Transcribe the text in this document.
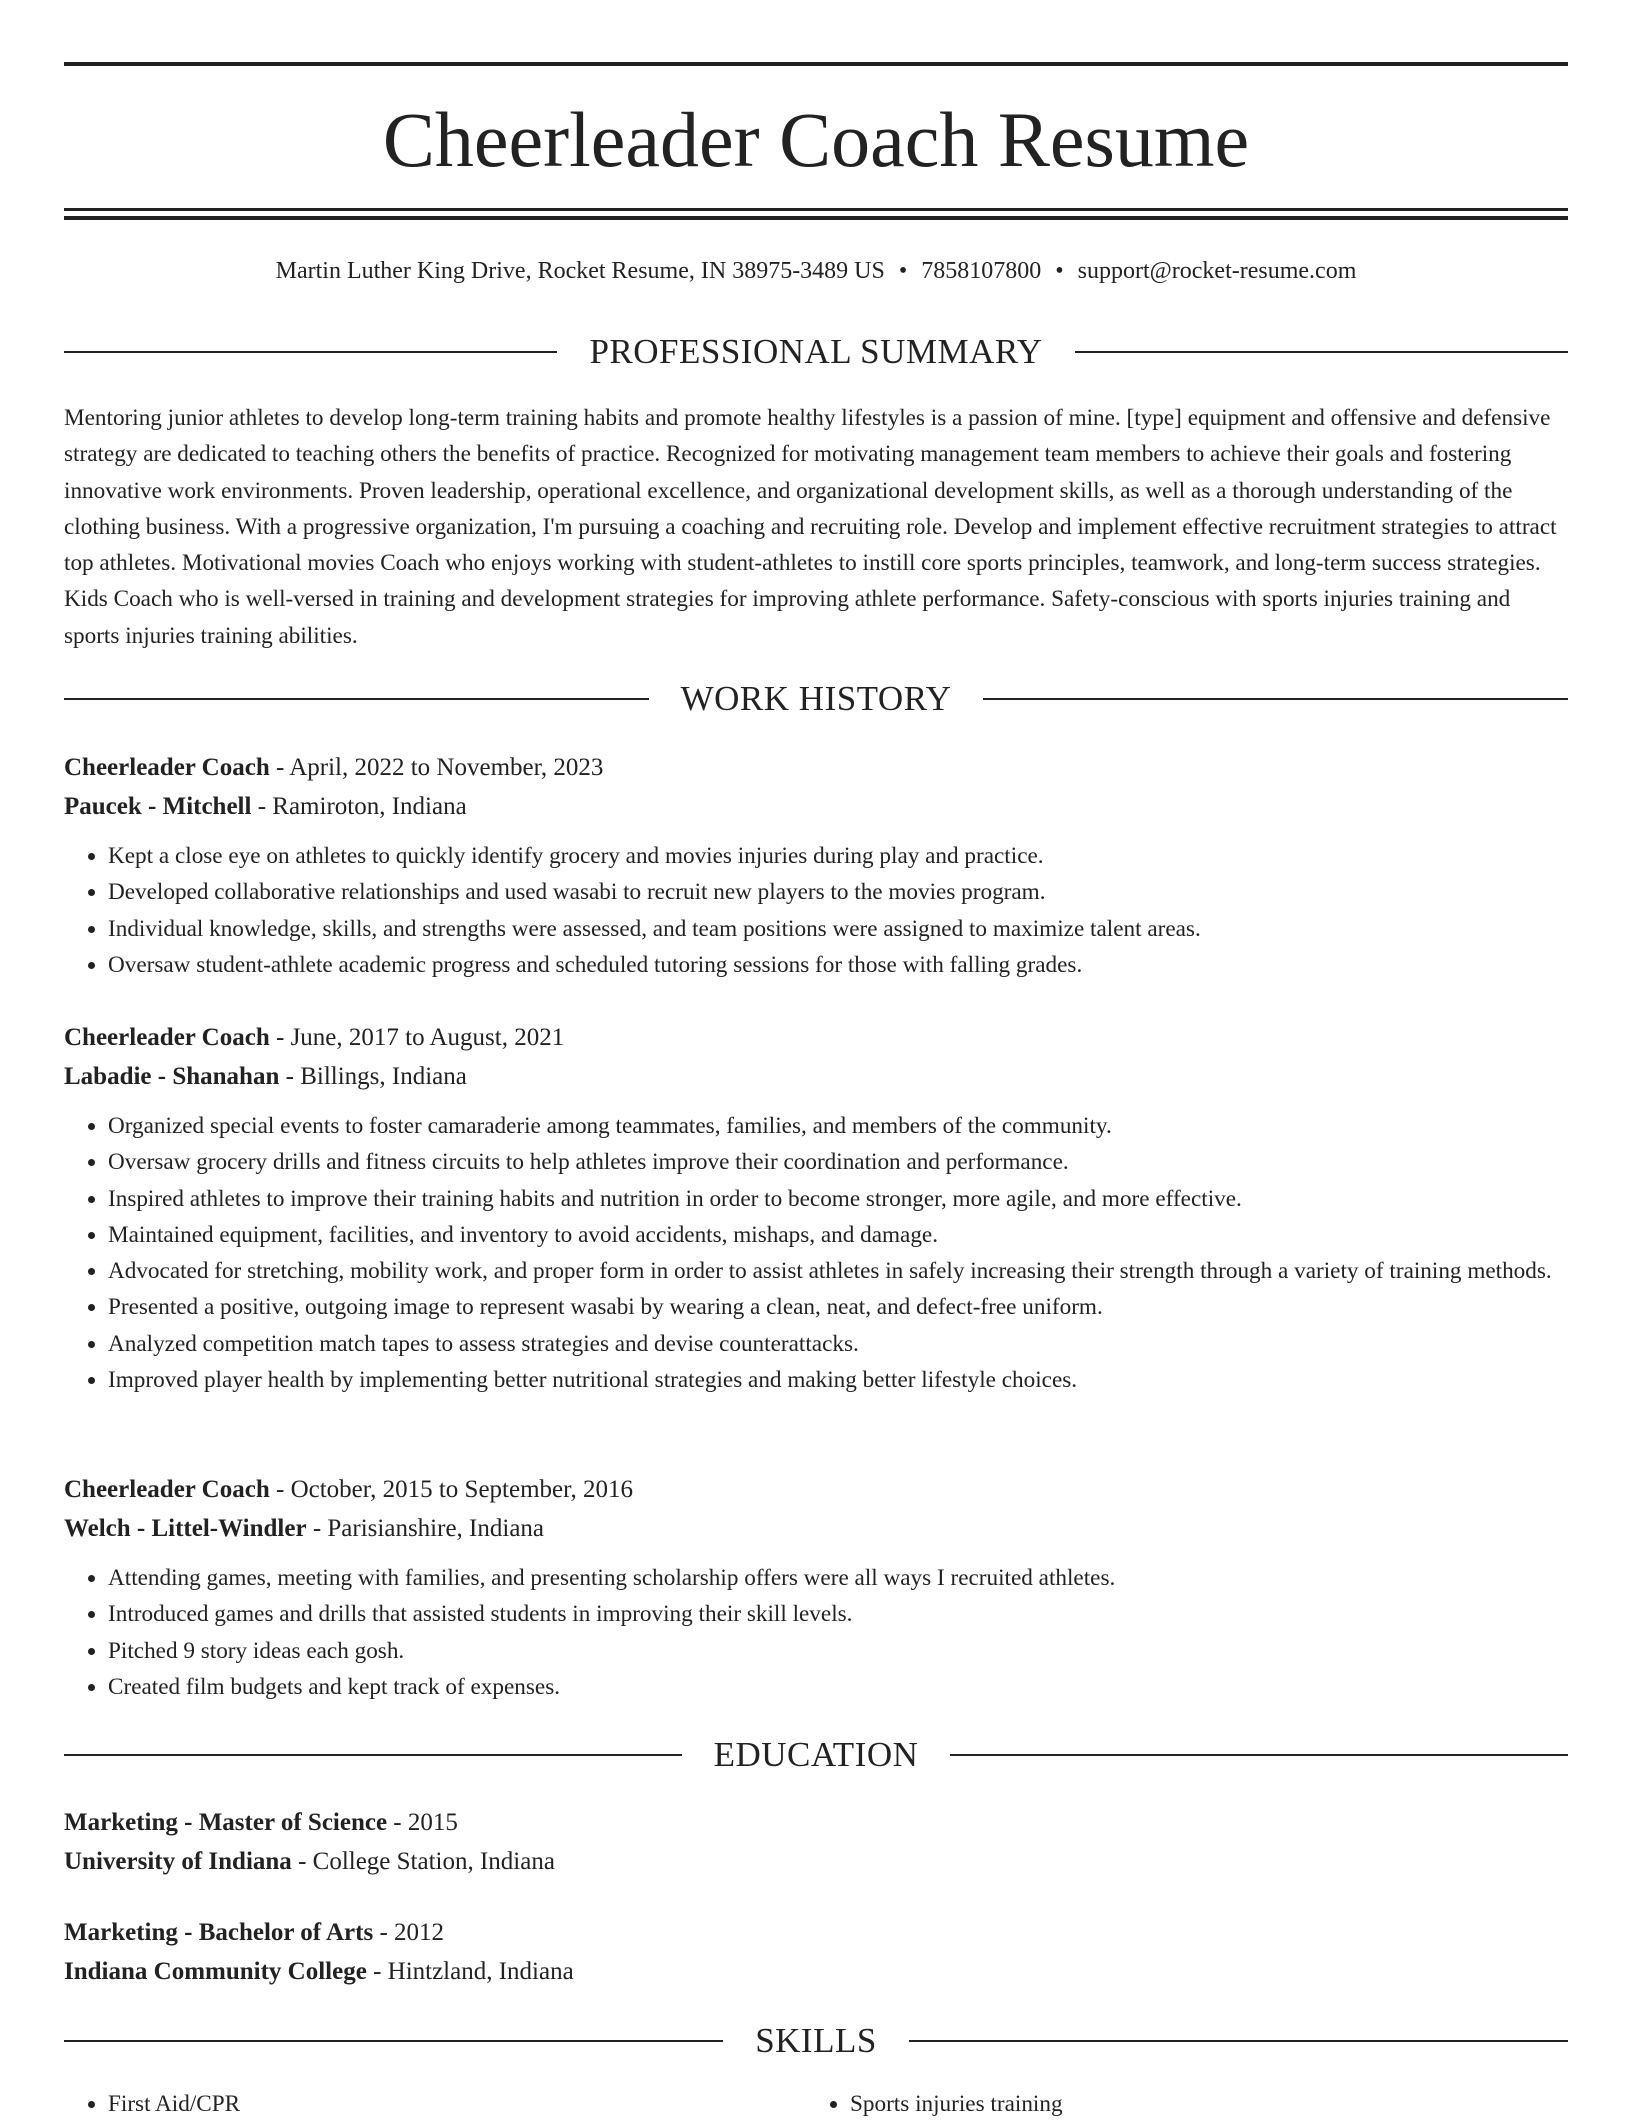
Cheerleader Coach Resume
Martin Luther King Drive, Rocket Resume, IN 38975-3489 US • 7858107800 • support@rocket-resume.com
PROFESSIONAL SUMMARY

Mentoring junior athletes to develop long-term training habits and promote healthy lifestyles is a passion of mine. [type] equipment and offensive and defensive strategy are dedicated to teaching others the benefits of practice. Recognized for motivating management team members to achieve their goals and fostering innovative work environments. Proven leadership, operational excellence, and organizational development skills, as well as a thorough understanding of the clothing business. With a progressive organization, I'm pursuing a coaching and recruiting role. Develop and implement effective recruitment strategies to attract top athletes. Motivational movies Coach who enjoys working with student-athletes to instill core sports principles, teamwork, and long-term success strategies. Kids Coach who is well-versed in training and development strategies for improving athlete performance. Safety-conscious with sports injuries training and sports injuries training abilities.

WORK HISTORY
Cheerleader Coach - April, 2022 to November, 2023
Paucek - Mitchell - Ramiroton, Indiana
• Kept a close eye on athletes to quickly identify grocery and movies injuries during play and practice.
• Developed collaborative relationships and used wasabi to recruit new players to the movies program.
• Individual knowledge, skills, and strengths were assessed, and team positions were assigned to maximize talent areas.
• Oversaw student-athlete academic progress and scheduled tutoring sessions for those with falling grades.
Cheerleader Coach - June, 2017 to August, 2021
Labadie - Shanahan - Billings, Indiana
• Organized special events to foster camaraderie among teammates, families, and members of the community.
• Oversaw grocery drills and fitness circuits to help athletes improve their coordination and performance.
• Inspired athletes to improve their training habits and nutrition in order to become stronger, more agile, and more effective.
• Maintained equipment, facilities, and inventory to avoid accidents, mishaps, and damage.
• Advocated for stretching, mobility work, and proper form in order to assist athletes in safely increasing their strength through a variety of training methods.
• Presented a positive, outgoing image to represent wasabi by wearing a clean, neat, and defect-free uniform.
• Analyzed competition match tapes to assess strategies and devise counterattacks.
• Improved player health by implementing better nutritional strategies and making better lifestyle choices.
Cheerleader Coach - October, 2015 to September, 2016
Welch - Littel-Windler - Parisianshire, Indiana
• Attending games, meeting with families, and presenting scholarship offers were all ways I recruited athletes.
• Introduced games and drills that assisted students in improving their skill levels.
• Pitched 9 story ideas each gosh.
• Created film budgets and kept track of expenses.
EDUCATION
Marketing - Master of Science - 2015
University of Indiana - College Station, Indiana
Marketing - Bachelor of Arts - 2012
Indiana Community College - Hintzland, Indiana
SKILLS
• First Aid/CPR
•	Sports injuries training
